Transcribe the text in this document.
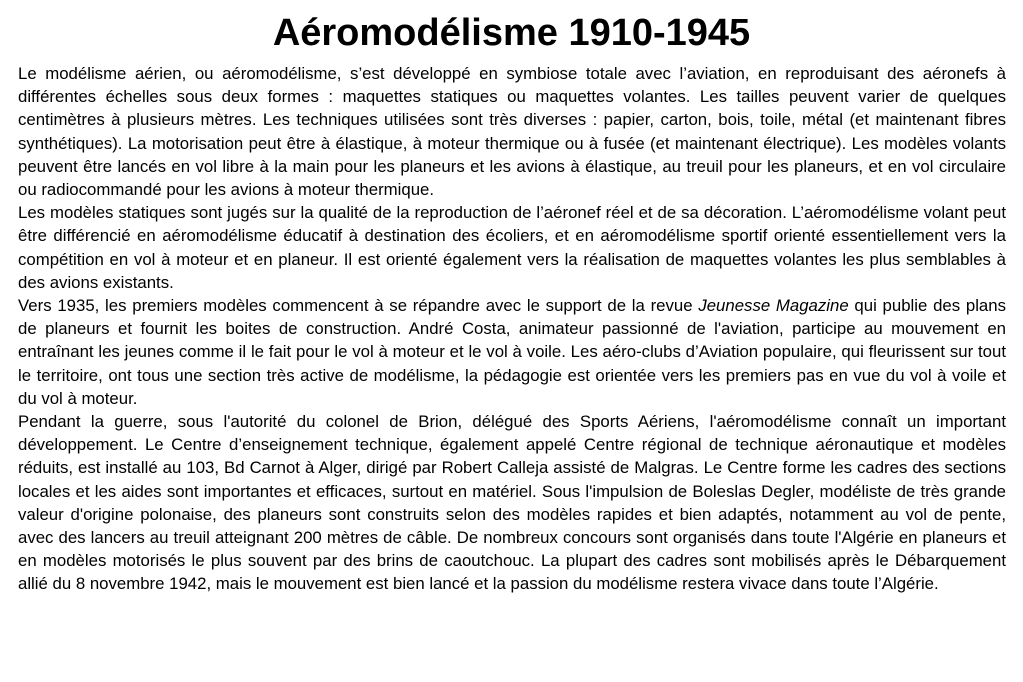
Aéromodélisme 1910-1945

Le modélisme aérien, ou aéromodélisme, s’est développé en symbiose totale avec l’aviation, en reproduisant des aéronefs à différentes échelles sous deux formes : maquettes statiques ou maquettes volantes. Les tailles peuvent varier de quelques centimètres à plusieurs mètres. Les techniques utilisées sont très diverses : papier, carton, bois, toile, métal (et maintenant fibres synthétiques). La motorisation peut être à élastique, à moteur thermique ou à fusée (et maintenant électrique). Les modèles volants peuvent être lancés en vol libre à la main pour les planeurs et les avions à élastique, au treuil pour les planeurs, et en vol circulaire ou radiocommandé pour les avions à moteur thermique.

Les modèles statiques sont jugés sur la qualité de la reproduction de l’aéronef réel et de sa décoration. L’aéromodélisme volant peut être différencié en aéromodélisme éducatif à destination des écoliers, et en aéromodélisme sportif orienté essentiellement vers la compétition en vol à moteur et en planeur. Il est orienté également vers la réalisation de maquettes volantes les plus semblables à des avions existants.

Vers 1935, les premiers modèles commencent à se répandre avec le support de la revue Jeunesse Magazine qui publie des plans de planeurs et fournit les boites de construction. André Costa, animateur passionné de l'aviation, participe au mouvement en entraînant les jeunes comme il le fait pour le vol à moteur et le vol à voile. Les aéro-clubs d’Aviation populaire, qui fleurissent sur tout le territoire, ont tous une section très active de modélisme, la pédagogie est orientée vers les premiers pas en vue du vol à voile et du vol à moteur.

Pendant la guerre, sous l'autorité du colonel de Brion, délégué des Sports Aériens, l'aéromodélisme connaît un important développement. Le Centre d’enseignement technique, également appelé Centre régional de technique aéronautique et modèles réduits, est installé au 103, Bd Carnot à Alger, dirigé par Robert Calleja assisté de Malgras. Le Centre forme les cadres des sections locales et les aides sont importantes et efficaces, surtout en matériel. Sous l'impulsion de Boleslas Degler, modéliste de très grande valeur d'origine polonaise, des planeurs sont construits selon des modèles rapides et bien adaptés, notamment au vol de pente, avec des lancers au treuil atteignant 200 mètres de câble. De nombreux concours sont organisés dans toute l'Algérie en planeurs et en modèles motorisés le plus souvent par des brins de caoutchouc. La plupart des cadres sont mobilisés après le Débarquement allié du 8 novembre 1942, mais le mouvement est bien lancé et la passion du modélisme restera vivace dans toute l’Algérie.
